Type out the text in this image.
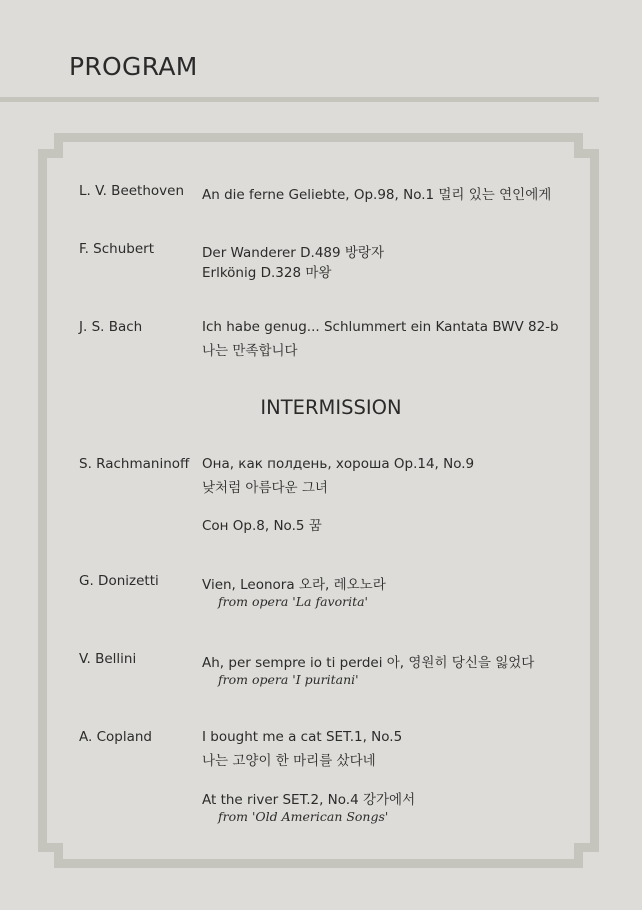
PROGRAM
L. V. Beethoven An die ferne Geliebte, Op.98, No.1 멀리 있는 연인에게
F. Schubert	Der Wanderer D.489 방랑자
Erlkönig D.328 마왕
J. S. Bach	Ich habe genug... Schlummert ein Kantata BWV 82-b
나는 만족합니다
INTERMISSION
S. Rachmaninoff Она, как полдень, хороша Op.14, No.9
낮처럼 아름다운 그녀
Сон Op.8, No.5 꿈
G. Donizetti	Vien, Leonora 오라, 레오노라
from opera 'La favorita'
V. Bellini	Ah, per sempre io ti perdei 아, 영원히 당신을 잃었다
from opera 'I puritani'
A. Copland	I bought me a cat SET.1, No.5
나는 고양이 한 마리를 샀다네
At the river SET.2, No.4 강가에서
from 'Old American Songs'
